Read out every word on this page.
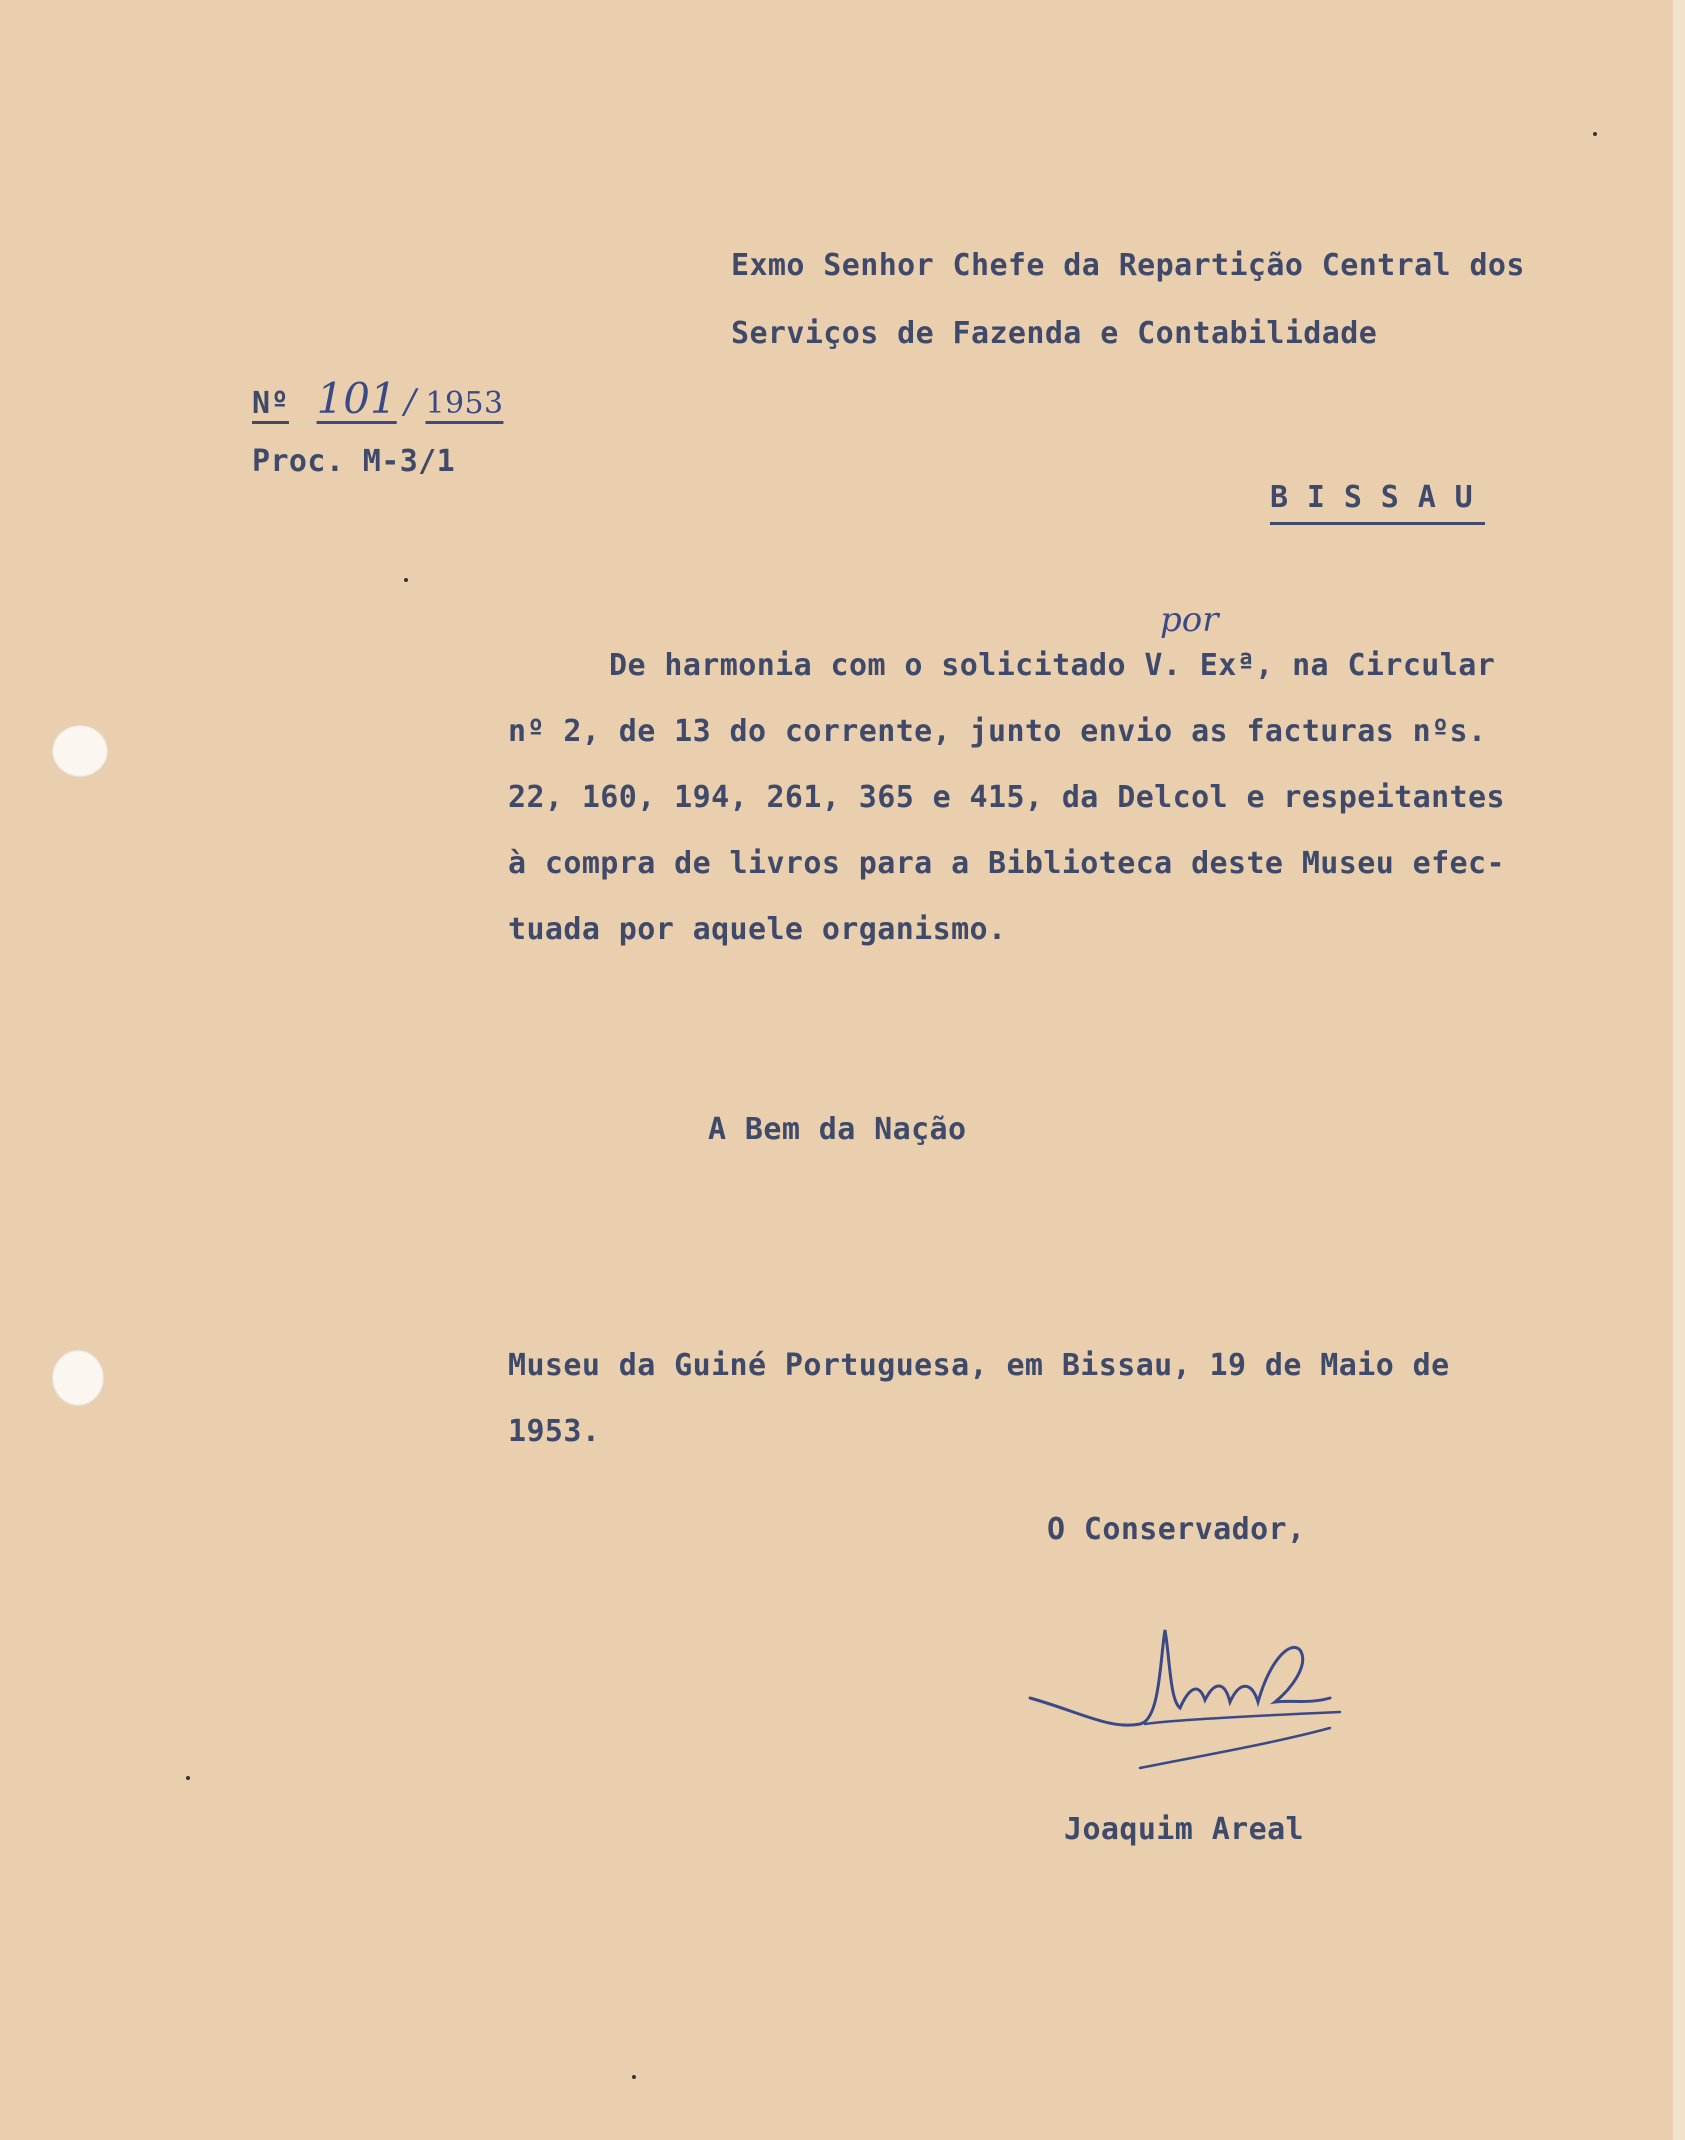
Exmo Senhor Chefe da Repartição Central dos

Serviços de Fazenda e Contabilidade

Nº 101 / 1953

Proc. M-3/1

B I S S A U

De harmonia com o solicitado V. Exª, na Circular

por

nº 2, de 13 do corrente, junto envio as facturas nºs.

22, 160, 194, 261, 365 e 415, da Delcol e respeitantes

à compra de livros para a Biblioteca deste Museu efec-

tuada por aquele organismo.

A Bem da Nação

Museu da Guiné Portuguesa, em Bissau, 19 de Maio de

1953.

O Conservador,

Joaquim Areal
